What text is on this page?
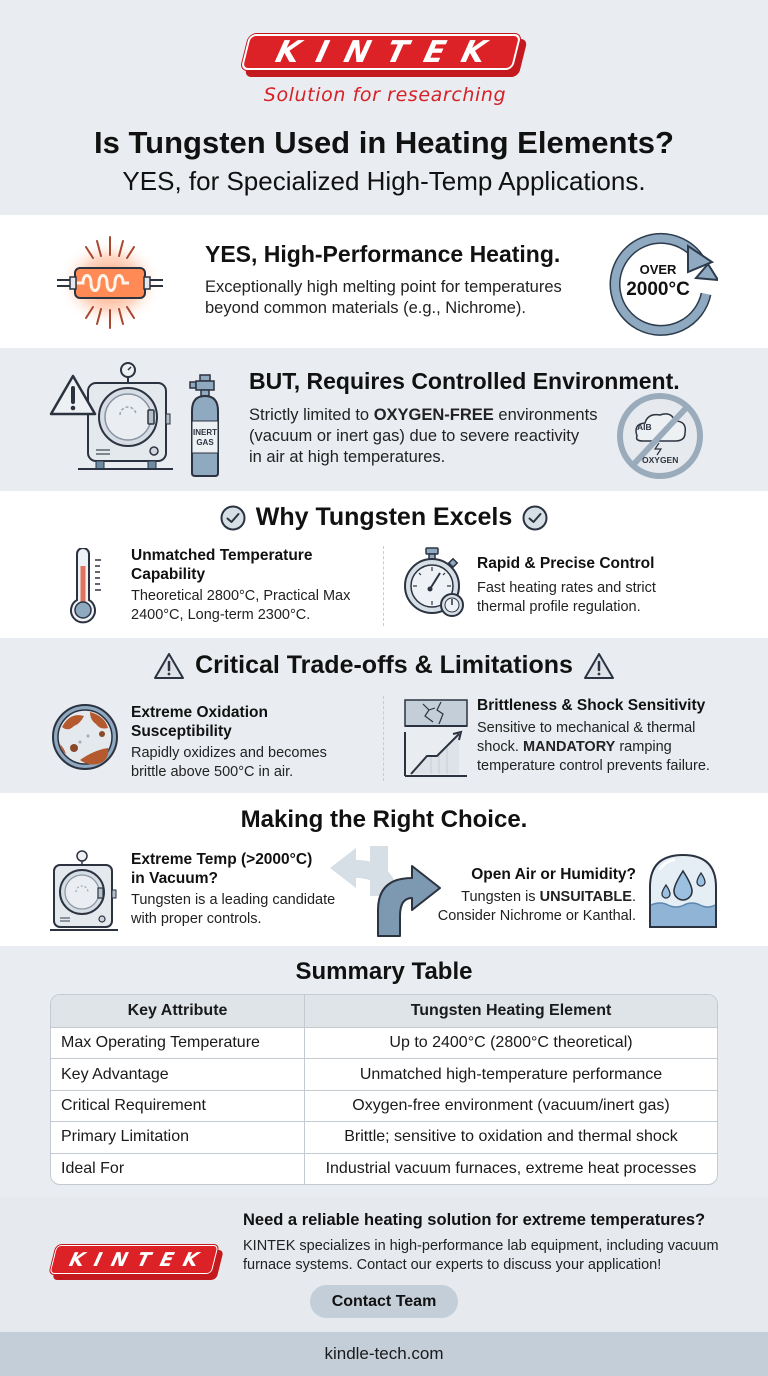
KINTEK
Solution for researching
Is Tungsten Used in Heating Elements?
YES, for Specialized High-Temp Applications.
YES, High-Performance Heating.
Exceptionally high melting point for temperatures
beyond common materials (e.g., Nichrome).
OVER
2000°C
INERT
GAS
BUT, Requires Controlled Environment.
Strictly limited to OXYGEN-FREE environments
(vacuum or inert gas) due to severe reactivity
in air at high temperatures.
AIB
OXYGEN
Why Tungsten Excels
Unmatched Temperature
Capability
Theoretical 2800°C, Practical Max
2400°C, Long-term 2300°C.
Rapid & Precise Control
Fast heating rates and strict
thermal profile regulation.
Critical Trade-offs & Limitations
Extreme Oxidation
Susceptibility
Rapidly oxidizes and becomes
brittle above 500°C in air.
Brittleness & Shock Sensitivity
Sensitive to mechanical & thermal
shock. MANDATORY ramping
temperature control prevents failure.
Making the Right Choice.
Extreme Temp (>2000°C)
in Vacuum?
Tungsten is a leading candidate
with proper controls.
Open Air or Humidity?
Tungsten is UNSUITABLE.
Consider Nichrome or Kanthal.
Summary Table
Key Attribute	Tungsten Heating Element
Max Operating Temperature	Up to 2400°C (2800°C theoretical)
Key Advantage	Unmatched high-temperature performance
Critical Requirement	Oxygen-free environment (vacuum/inert gas)
Primary Limitation	Brittle; sensitive to oxidation and thermal shock
Ideal For	Industrial vacuum furnaces, extreme heat processes
KINTEK
Need a reliable heating solution for extreme temperatures?
KINTEK specializes in high-performance lab equipment, including vacuum furnace systems. Contact our experts to discuss your application!
Contact Team
kindle-tech.com
